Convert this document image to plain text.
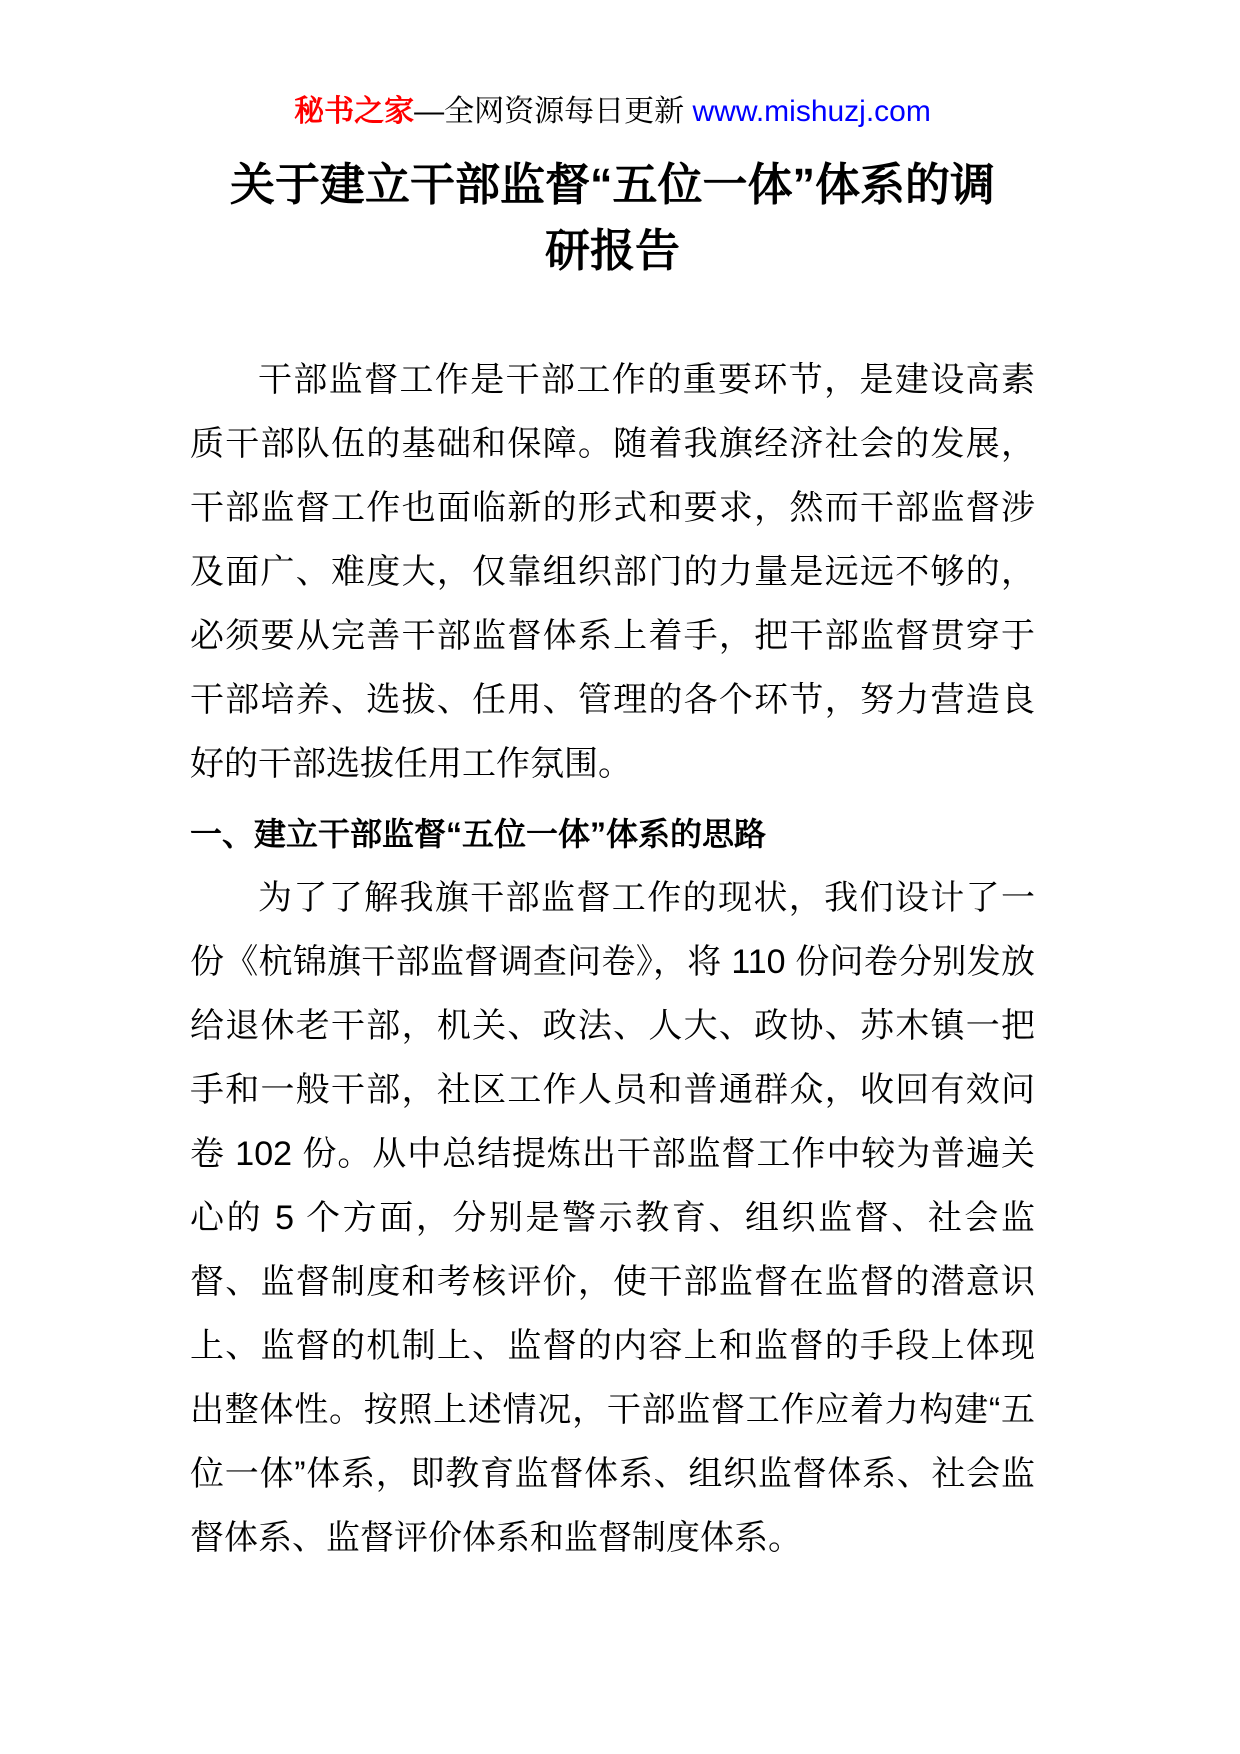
秘书之家—全网资源每日更新 www.mishuzj.com
关于建立干部监督“五位一体”体系的调研报告

干部监督工作是干部工作的重要环节，是建设高素质干部队伍的基础和保障。随着我旗经济社会的发展，干部监督工作也面临新的形式和要求，然而干部监督涉及面广、难度大，仅靠组织部门的力量是远远不够的，必须要从完善干部监督体系上着手，把干部监督贯穿于干部培养、选拔、任用、管理的各个环节，努力营造良好的干部选拔任用工作氛围。

一、建立干部监督“五位一体”体系的思路

为了了解我旗干部监督工作的现状，我们设计了一份《杭锦旗干部监督调查问卷》，将 110 份问卷分别发放给退休老干部，机关、政法、人大、政协、苏木镇一把手和一般干部，社区工作人员和普通群众，收回有效问卷 102 份。从中总结提炼出干部监督工作中较为普遍关心的 5 个方面，分别是警示教育、组织监督、社会监督、监督制度和考核评价，使干部监督在监督的潜意识上、监督的机制上、监督的内容上和监督的手段上体现出整体性。按照上述情况，干部监督工作应着力构建“五位一体”体系，即教育监督体系、组织监督体系、社会监督体系、监督评价体系和监督制度体系。
